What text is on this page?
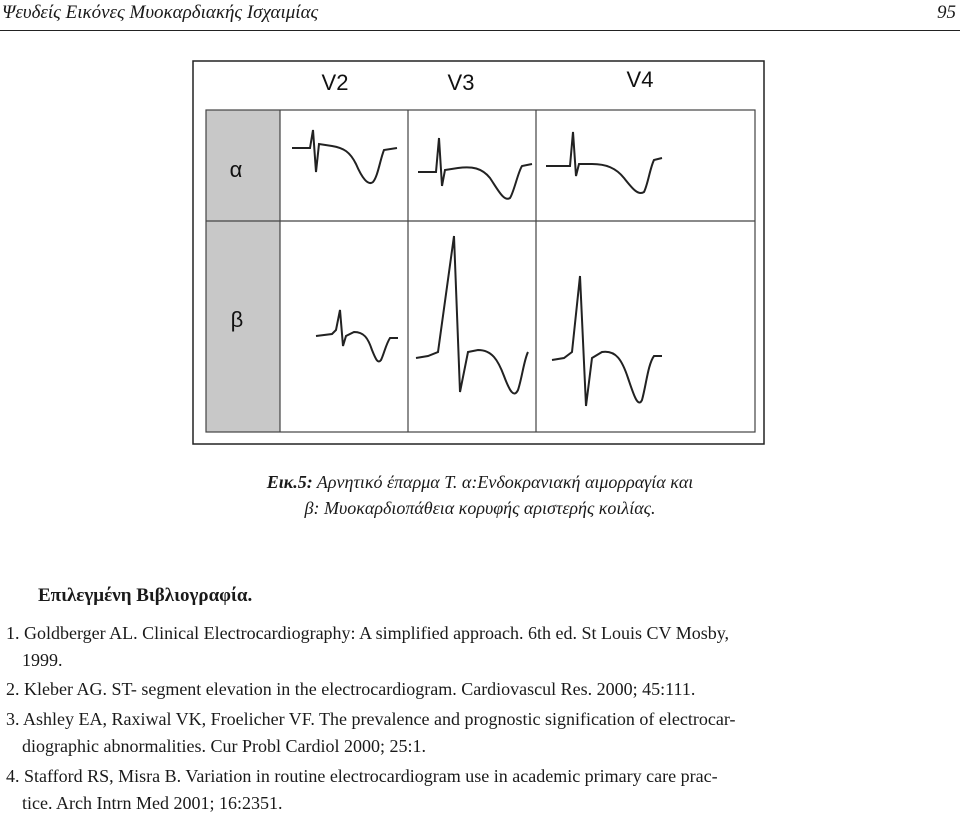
Ψευδείς Εικόνες Μυοκαρδιακής Ισχαιμίας	95
V2	V3	V4
α
β
Εικ.5: Αρνητικό έπαρμα Τ. α:Ενδοκρανιακή αιμορραγία και
β: Μυοκαρδιοπάθεια κορυφής αριστερής κοιλίας.
Επιλεγμένη Βιβλιογραφία.
1. Goldberger AL. Clinical Electrocardiography: A simplified approach. 6th ed. St Louis CV Mosby,
1999.
2. Kleber AG. ST- segment elevation in the electrocardiogram. Cardiovascul Res. 2000; 45:111.
3. Ashley EA, Raxiwal VK, Froelicher VF. The prevalence and prognostic signification of electrocar-
diographic abnormalities. Cur Probl Cardiol 2000; 25:1.
4. Stafford RS, Misra B. Variation in routine electrocardiogram use in academic primary care prac-
tice. Arch Intrn Med 2001; 16:2351.
